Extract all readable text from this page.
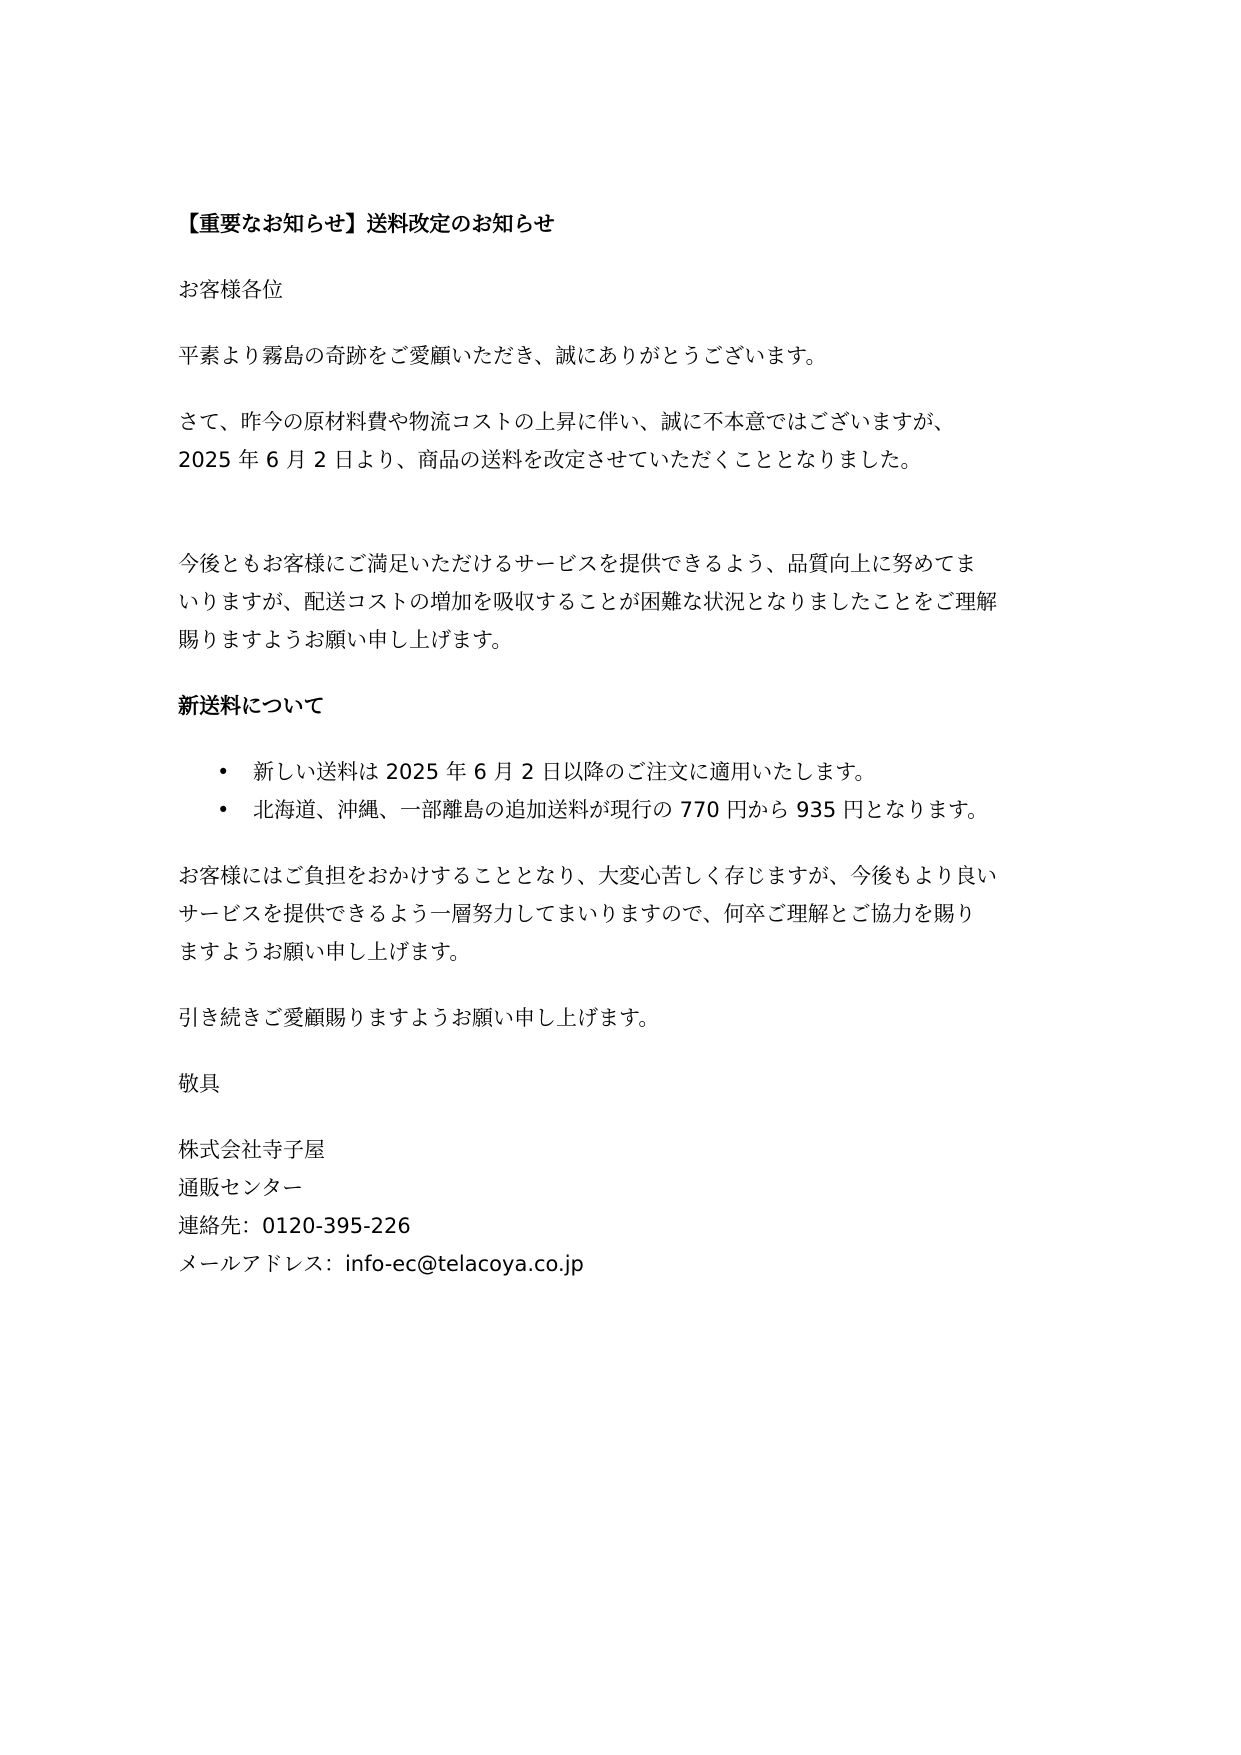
【重要なお知らせ】送料改定のお知らせ
お客様各位
平素より霧島の奇跡をご愛顧いただき、誠にありがとうございます。
さて、昨今の原材料費や物流コストの上昇に伴い、誠に不本意ではございますが、
2025 年 6 月 2 日より、商品の送料を改定させていただくこととなりました。
今後ともお客様にご満足いただけるサービスを提供できるよう、品質向上に努めてま
いりますが、配送コストの増加を吸収することが困難な状況となりましたことをご理解
賜りますようお願い申し上げます。
新送料について
• 新しい送料は 2025 年 6 月 2 日以降のご注文に適用いたします。
• 北海道、沖縄、一部離島の追加送料が現行の 770 円から 935 円となります。
お客様にはご負担をおかけすることとなり、大変心苦しく存じますが、今後もより良い
サービスを提供できるよう一層努力してまいりますので、何卒ご理解とご協力を賜り
ますようお願い申し上げます。
引き続きご愛顧賜りますようお願い申し上げます。
敬具
株式会社寺子屋
通販センター
連絡先：0120-395-226
メールアドレス：info-ec@telacoya.co.jp
